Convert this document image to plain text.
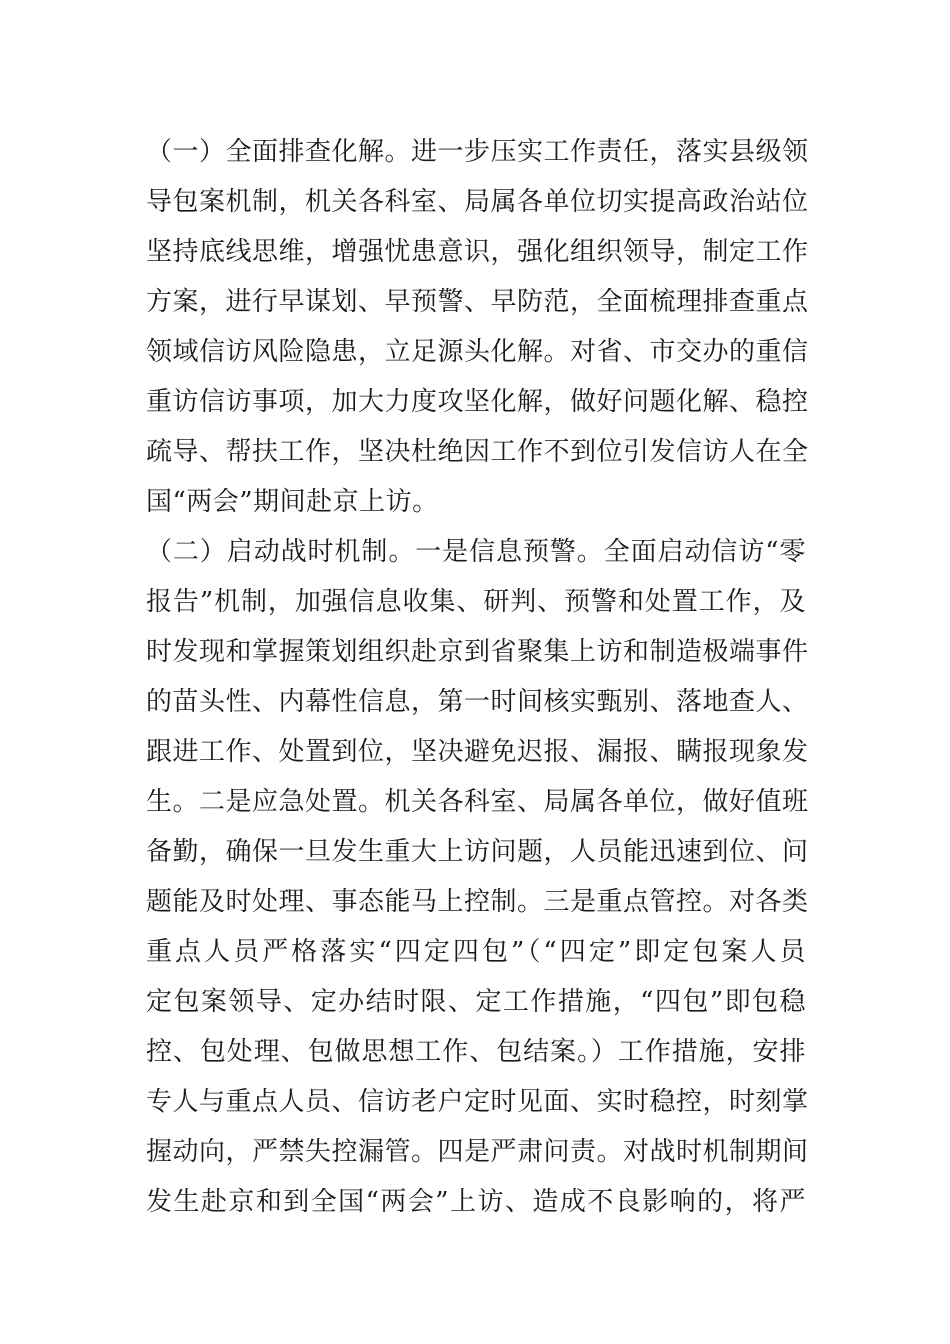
（一）全面排查化解。进一步压实工作责任，落实县级领
导包案机制，机关各科室、局属各单位切实提高政治站位
坚持底线思维，增强忧患意识，强化组织领导，制定工作
方案，进行早谋划、早预警、早防范，全面梳理排查重点
领域信访风险隐患，立足源头化解。对省、市交办的重信
重访信访事项，加大力度攻坚化解，做好问题化解、稳控
疏导、帮扶工作，坚决杜绝因工作不到位引发信访人在全
国“两会”期间赴京上访。
（二）启动战时机制。一是信息预警。全面启动信访“零
报告”机制，加强信息收集、研判、预警和处置工作，及
时发现和掌握策划组织赴京到省聚集上访和制造极端事件
的苗头性、内幕性信息，第一时间核实甄别、落地查人、
跟进工作、处置到位，坚决避免迟报、漏报、瞒报现象发
生。二是应急处置。机关各科室、局属各单位，做好值班
备勤，确保一旦发生重大上访问题，人员能迅速到位、问
题能及时处理、事态能马上控制。三是重点管控。对各类
重点人员严格落实“四定四包”（“四定”即定包案人员
定包案领导、定办结时限、定工作措施，“四包”即包稳
控、包处理、包做思想工作、包结案。）工作措施，安排
专人与重点人员、信访老户定时见面、实时稳控，时刻掌
握动向，严禁失控漏管。四是严肃问责。对战时机制期间
发生赴京和到全国“两会”上访、造成不良影响的，将严
